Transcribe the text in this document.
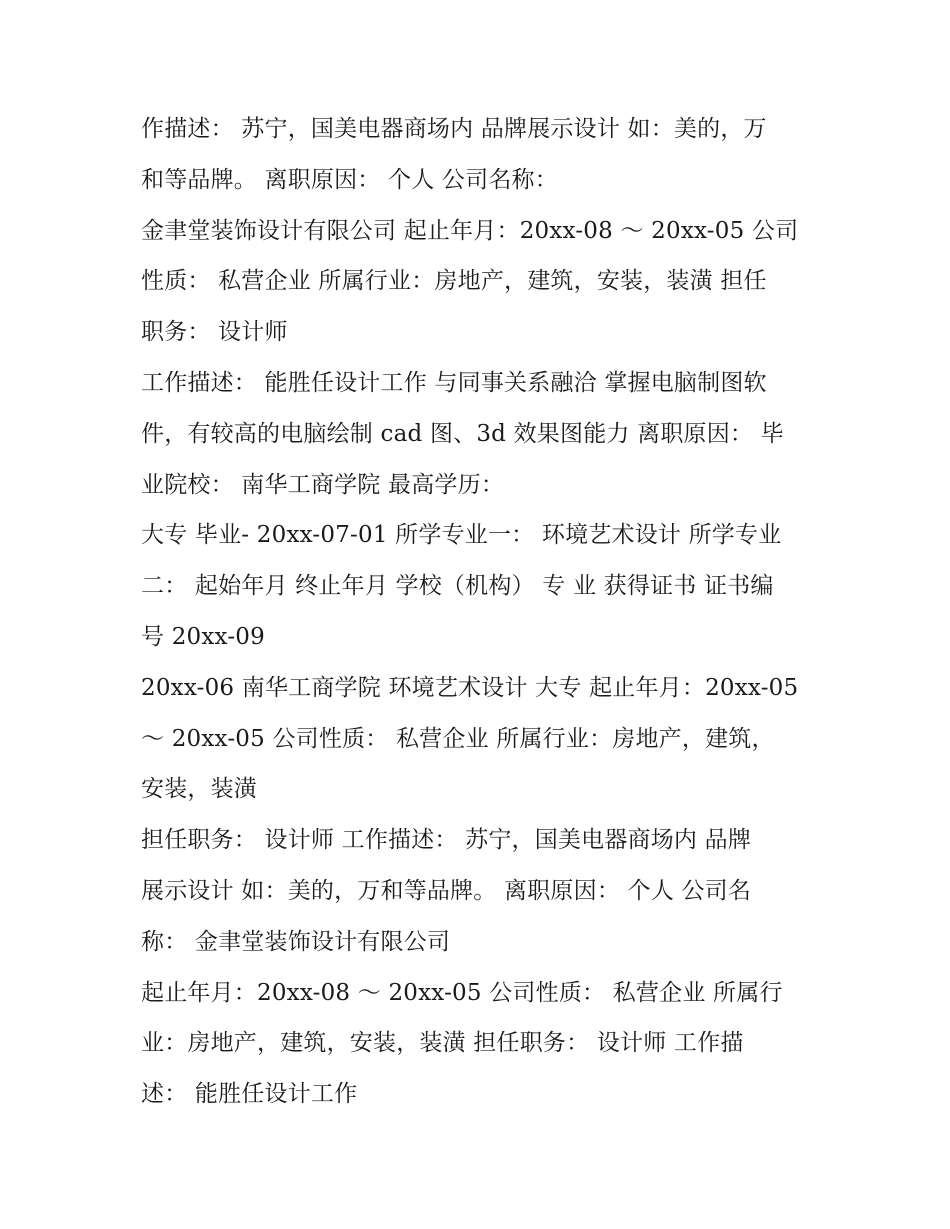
作描述： 苏宁，国美电器商场内 品牌展示设计 如：美的，万
和等品牌。 离职原因： 个人 公司名称：
金聿堂装饰设计有限公司 起止年月：20xx-08 ～ 20xx-05 公司
性质： 私营企业 所属行业：房地产，建筑，安装，装潢 担任
职务： 设计师
工作描述： 能胜任设计工作 与同事关系融洽 掌握电脑制图软
件，有较高的电脑绘制 cad 图、3d 效果图能力 离职原因： 毕
业院校： 南华工商学院 最高学历：
大专 毕业- 20xx-07-01 所学专业一： 环境艺术设计 所学专业
二： 起始年月 终止年月 学校（机构） 专 业 获得证书 证书编
号 20xx-09
20xx-06 南华工商学院 环境艺术设计 大专 起止年月：20xx-05
～ 20xx-05 公司性质： 私营企业 所属行业：房地产，建筑，
安装，装潢
担任职务： 设计师 工作描述： 苏宁，国美电器商场内 品牌
展示设计 如：美的，万和等品牌。 离职原因： 个人 公司名
称： 金聿堂装饰设计有限公司
起止年月：20xx-08 ～ 20xx-05 公司性质： 私营企业 所属行
业：房地产，建筑，安装，装潢 担任职务： 设计师 工作描
述： 能胜任设计工作
